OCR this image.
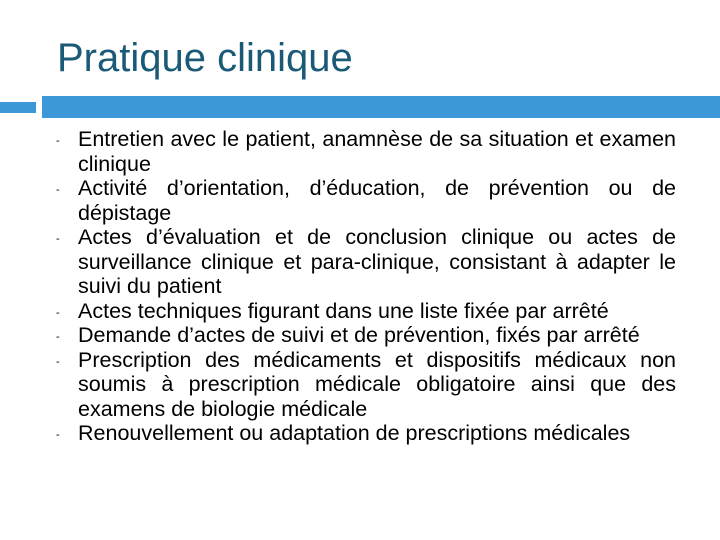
Pratique clinique
- Entretien avec le patient, anamnèse de sa situation et examen clinique
- Activité d’orientation, d’éducation, de prévention ou de dépistage
- Actes d’évaluation et de conclusion clinique ou actes de surveillance clinique et para-clinique, consistant à adapter le suivi du patient
- Actes techniques figurant dans une liste fixée par arrêté
- Demande d’actes de suivi et de prévention, fixés par arrêté
- Prescription des médicaments et dispositifs médicaux non soumis à prescription médicale obligatoire ainsi que des examens de biologie médicale
- Renouvellement ou adaptation de prescriptions médicales
